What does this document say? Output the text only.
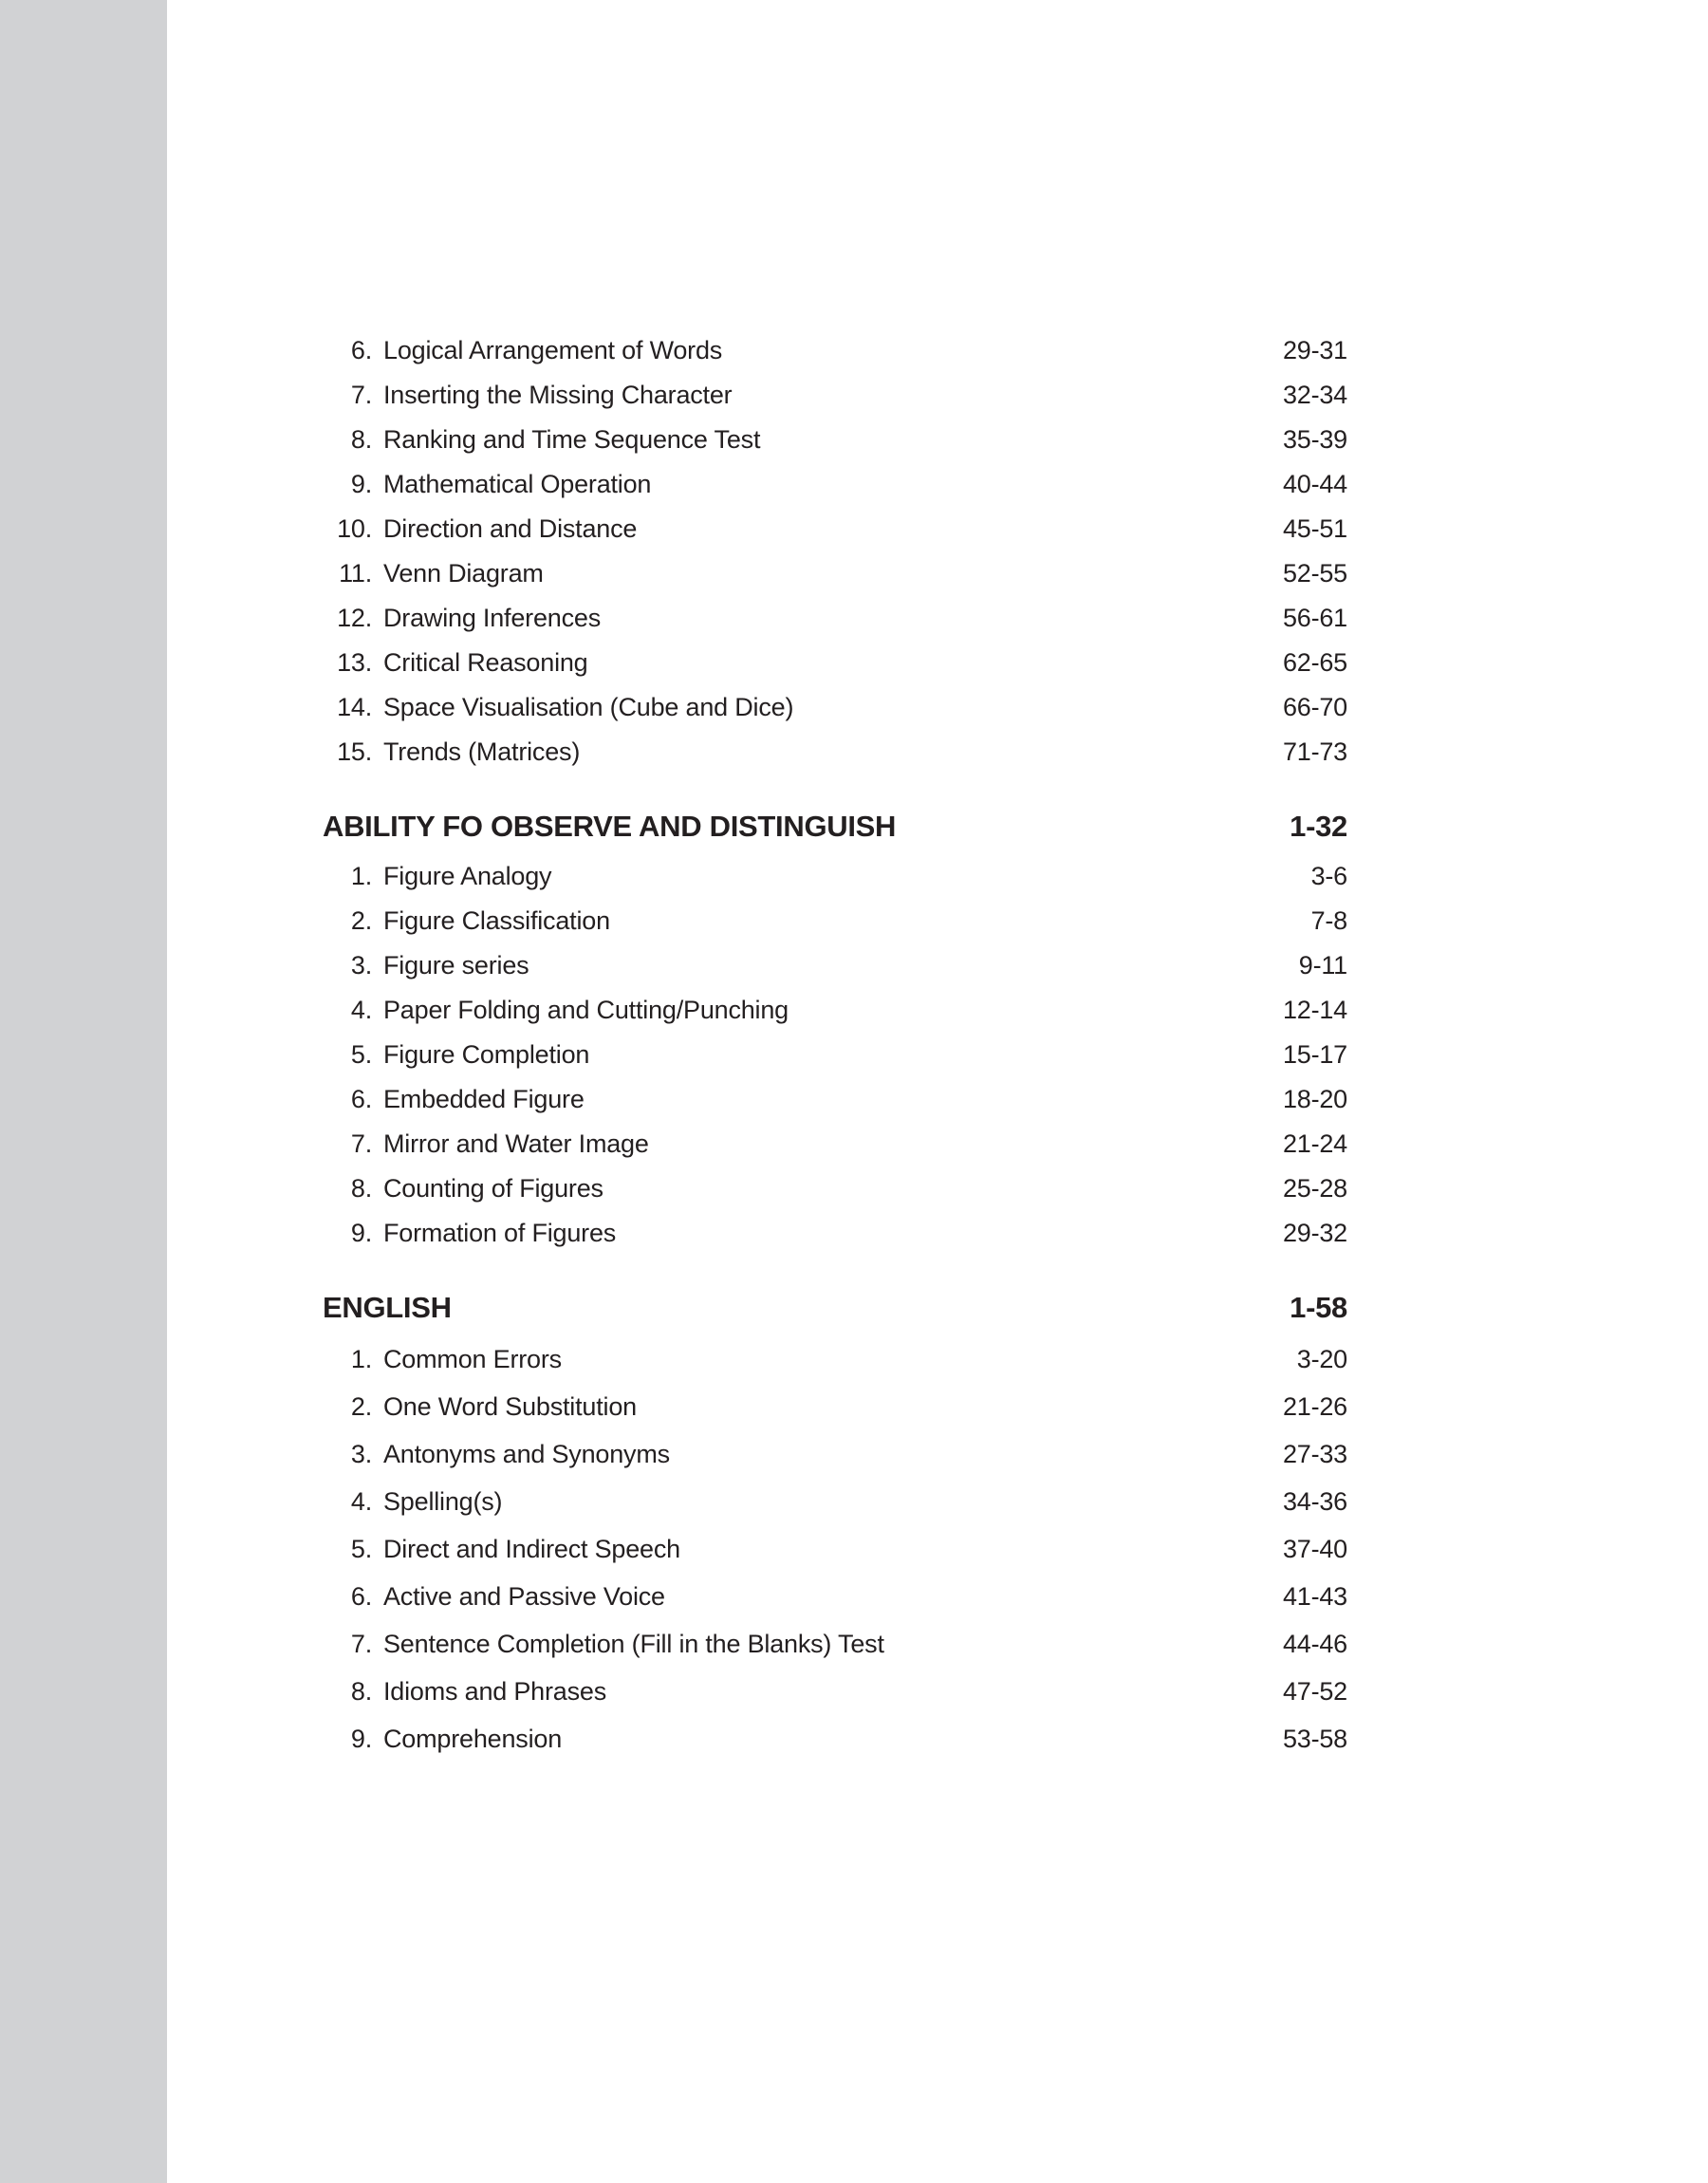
6. Logical Arrangement of Words	29-31
7. Inserting the Missing Character	32-34
8. Ranking and Time Sequence Test	35-39
9. Mathematical Operation	40-44
10. Direction and Distance	45-51
11. Venn Diagram	52-55
12. Drawing Inferences	56-61
13. Critical Reasoning	62-65
14. Space Visualisation (Cube and Dice)	66-70
15. Trends (Matrices)	71-73
ABILITY FO OBSERVE AND DISTINGUISH	1-32
1. Figure Analogy	3-6
2. Figure Classification	7-8
3. Figure series	9-11
4. Paper Folding and Cutting/Punching	12-14
5. Figure Completion	15-17
6. Embedded Figure	18-20
7. Mirror and Water Image	21-24
8. Counting of Figures	25-28
9. Formation of Figures	29-32
ENGLISH	1-58
1. Common Errors	3-20
2. One Word Substitution	21-26
3. Antonyms and Synonyms	27-33
4. Spelling(s)	34-36
5. Direct and Indirect Speech	37-40
6. Active and Passive Voice	41-43
7. Sentence Completion (Fill in the Blanks) Test	44-46
8. Idioms and Phrases	47-52
9. Comprehension	53-58
